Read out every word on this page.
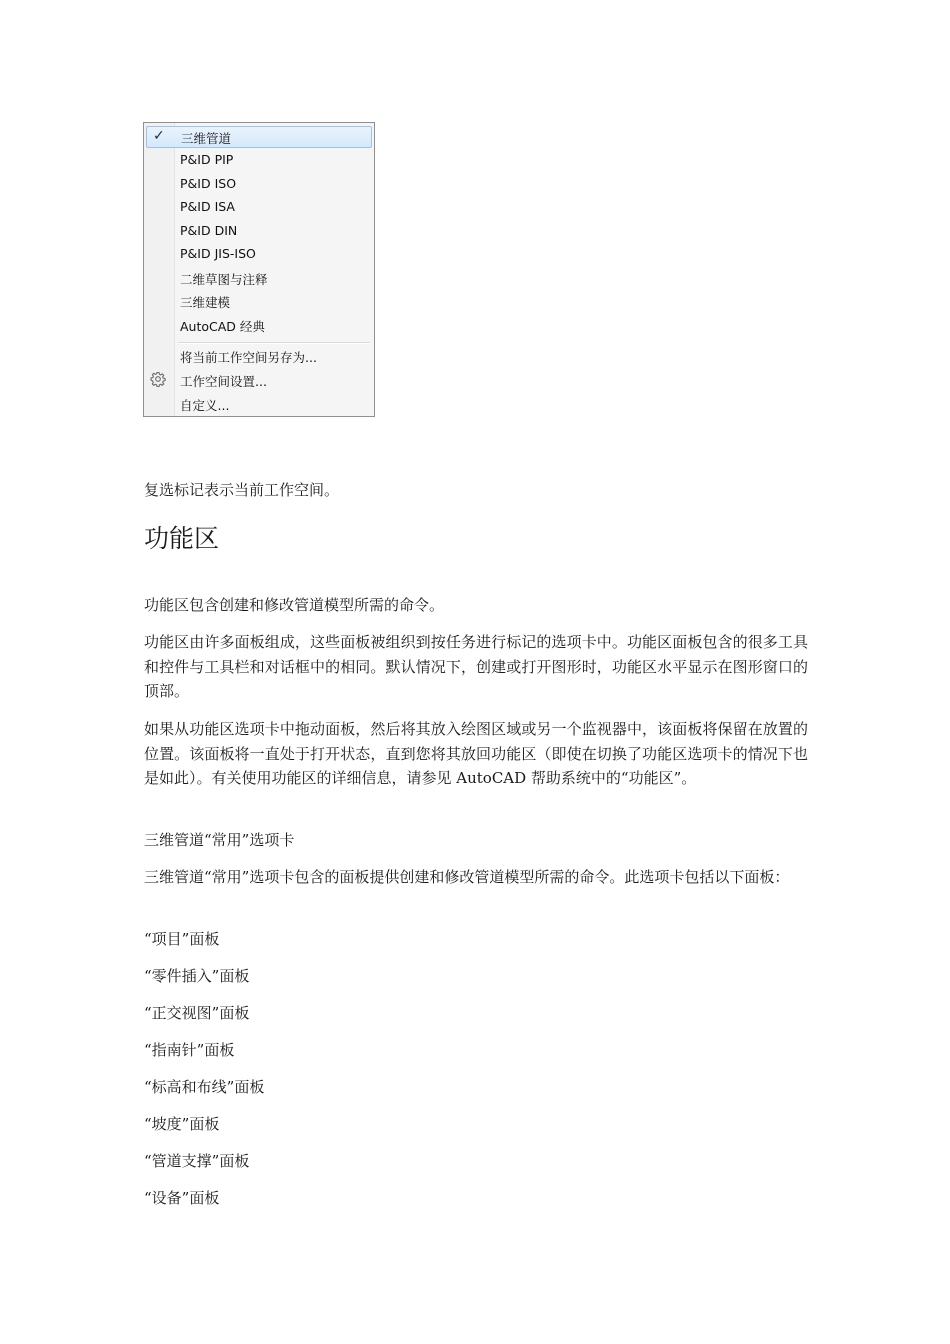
✓ 三维管道
P&ID PIP
P&ID ISO
P&ID ISA
P&ID DIN
P&ID JIS-ISO
二维草图与注释
三维建模
AutoCAD 经典
将当前工作空间另存为...
工作空间设置...
自定义...

复选标记表示当前工作空间。

功能区

功能区包含创建和修改管道模型所需的命令。

功能区由许多面板组成，这些面板被组织到按任务进行标记的选项卡中。功能区面板包含的很多工具和控件与工具栏和对话框中的相同。默认情况下，创建或打开图形时，功能区水平显示在图形窗口的顶部。

如果从功能区选项卡中拖动面板，然后将其放入绘图区域或另一个监视器中，该面板将保留在放置的位置。该面板将一直处于打开状态，直到您将其放回功能区（即使在切换了功能区选项卡的情况下也是如此）。有关使用功能区的详细信息，请参见 AutoCAD 帮助系统中的“功能区”。

三维管道“常用”选项卡

三维管道“常用”选项卡包含的面板提供创建和修改管道模型所需的命令。此选项卡包括以下面板：

“项目”面板

“零件插入”面板

“正交视图”面板

“指南针”面板

“标高和布线”面板

“坡度”面板

“管道支撑”面板

“设备”面板
